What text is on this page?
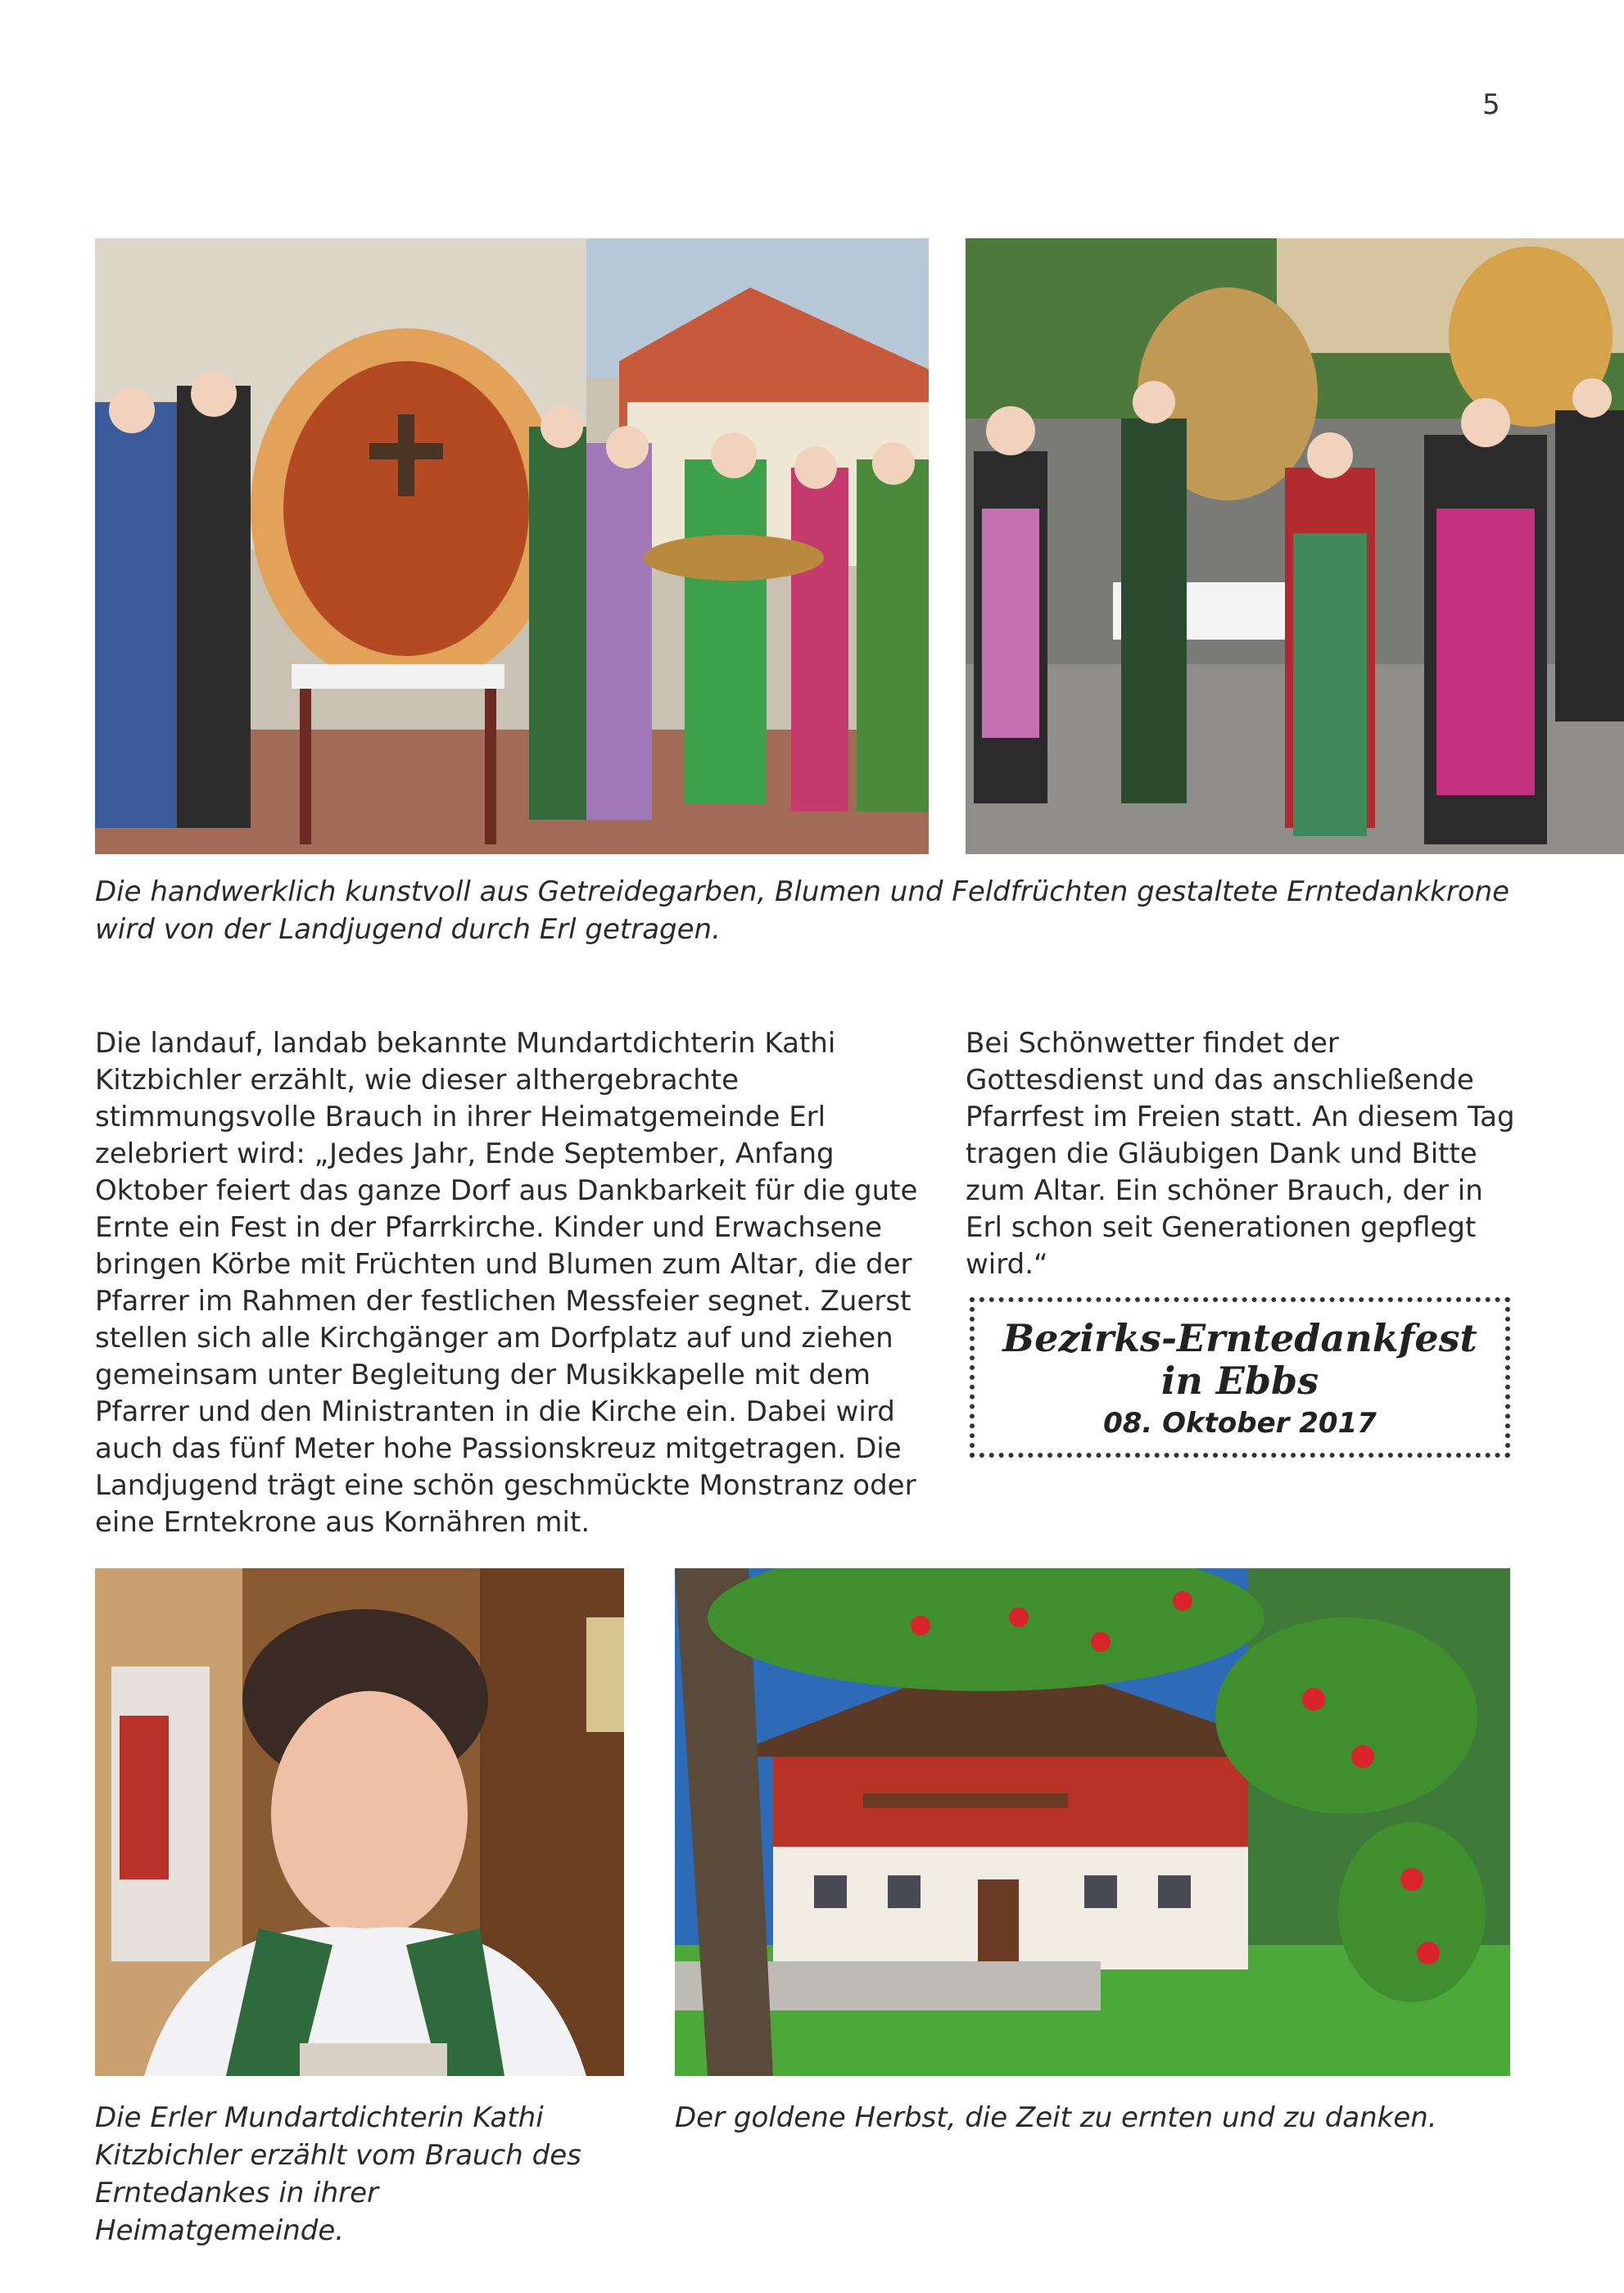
5
Die handwerklich kunstvoll aus Getreidegarben, Blumen und Feldfrüchten gestaltete Erntedankkrone wird von der Landjugend durch Erl getragen.
Die landauf, landab bekannte Mundartdichterin Kathi Kitzbichler erzählt, wie dieser althergebrachte stimmungsvolle Brauch in ihrer Heimatgemeinde Erl zelebriert wird: „Jedes Jahr, Ende September, Anfang Oktober feiert das ganze Dorf aus Dankbarkeit für die gute Ernte ein Fest in der Pfarrkirche. Kinder und Erwachsene bringen Körbe mit Früchten und Blumen zum Altar, die der Pfarrer im Rahmen der festlichen Messfeier segnet. Zuerst stellen sich alle Kirchgänger am Dorfplatz auf und ziehen gemeinsam unter Begleitung der Musikkapelle mit dem Pfarrer und den Ministranten in die Kirche ein. Dabei wird auch das fünf Meter hohe Passionskreuz mitgetragen. Die Landjugend trägt eine schön geschmückte Monstranz oder eine Erntekrone aus Kornähren mit.
Bei Schönwetter findet der Gottesdienst und das anschließende Pfarrfest im Freien statt. An diesem Tag tragen die Gläubigen Dank und Bitte zum Altar. Ein schöner Brauch, der in Erl schon seit Generationen gepflegt wird.“
Bezirks-Erntedankfest
in Ebbs
08. Oktober 2017
Die Erler Mundartdichterin Kathi Kitzbichler erzählt vom Brauch des Erntedankes in ihrer Heimatgemeinde.
Der goldene Herbst, die Zeit zu ernten und zu danken.
